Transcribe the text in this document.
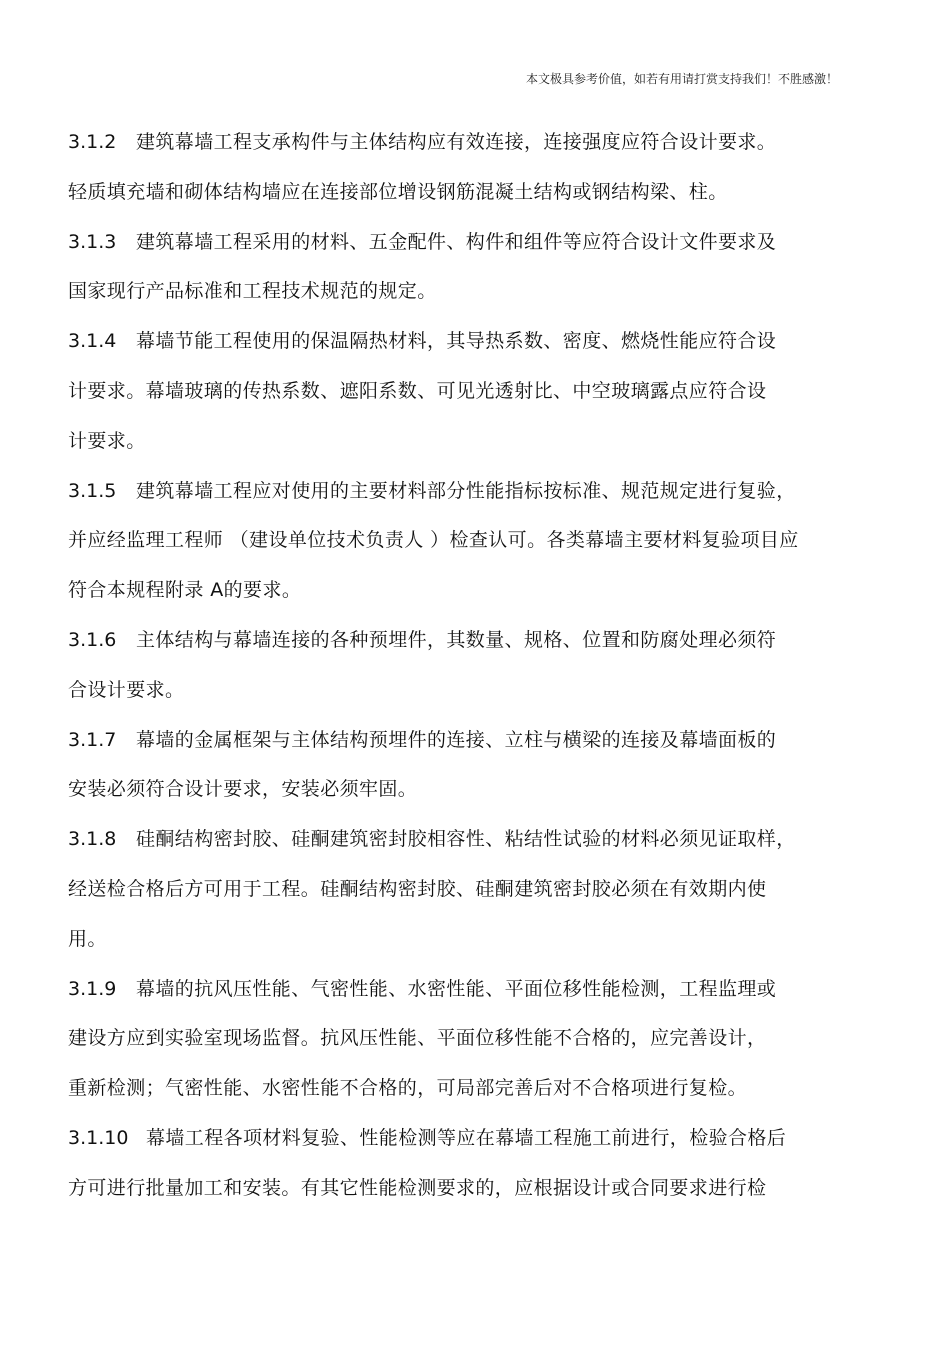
本文极具参考价值，如若有用请打赏支持我们！不胜感激！
3.1.2 建筑幕墙工程支承构件与主体结构应有效连接，连接强度应符合设计要求。
轻质填充墙和砌体结构墙应在连接部位增设钢筋混凝土结构或钢结构梁、柱。
3.1.3 建筑幕墙工程采用的材料、五金配件、构件和组件等应符合设计文件要求及
国家现行产品标准和工程技术规范的规定。
3.1.4 幕墙节能工程使用的保温隔热材料，其导热系数、密度、燃烧性能应符合设
计要求。幕墙玻璃的传热系数、遮阳系数、可见光透射比、中空玻璃露点应符合设
计要求。
3.1.5 建筑幕墙工程应对使用的主要材料部分性能指标按标准、规范规定进行复验，
并应经监理工程师 （建设单位技术负责人 ）检查认可。各类幕墙主要材料复验项目应
符合本规程附录 A的要求。
3.1.6 主体结构与幕墙连接的各种预埋件，其数量、规格、位置和防腐处理必须符
合设计要求。
3.1.7 幕墙的金属框架与主体结构预埋件的连接、立柱与横梁的连接及幕墙面板的
安装必须符合设计要求，安装必须牢固。
3.1.8 硅酮结构密封胶、硅酮建筑密封胶相容性、粘结性试验的材料必须见证取样，
经送检合格后方可用于工程。硅酮结构密封胶、硅酮建筑密封胶必须在有效期内使
用。
3.1.9 幕墙的抗风压性能、气密性能、水密性能、平面位移性能检测，工程监理或
建设方应到实验室现场监督。抗风压性能、平面位移性能不合格的，应完善设计，
重新检测；气密性能、水密性能不合格的，可局部完善后对不合格项进行复检。
3.1.10 幕墙工程各项材料复验、性能检测等应在幕墙工程施工前进行，检验合格后
方可进行批量加工和安装。有其它性能检测要求的，应根据设计或合同要求进行检
